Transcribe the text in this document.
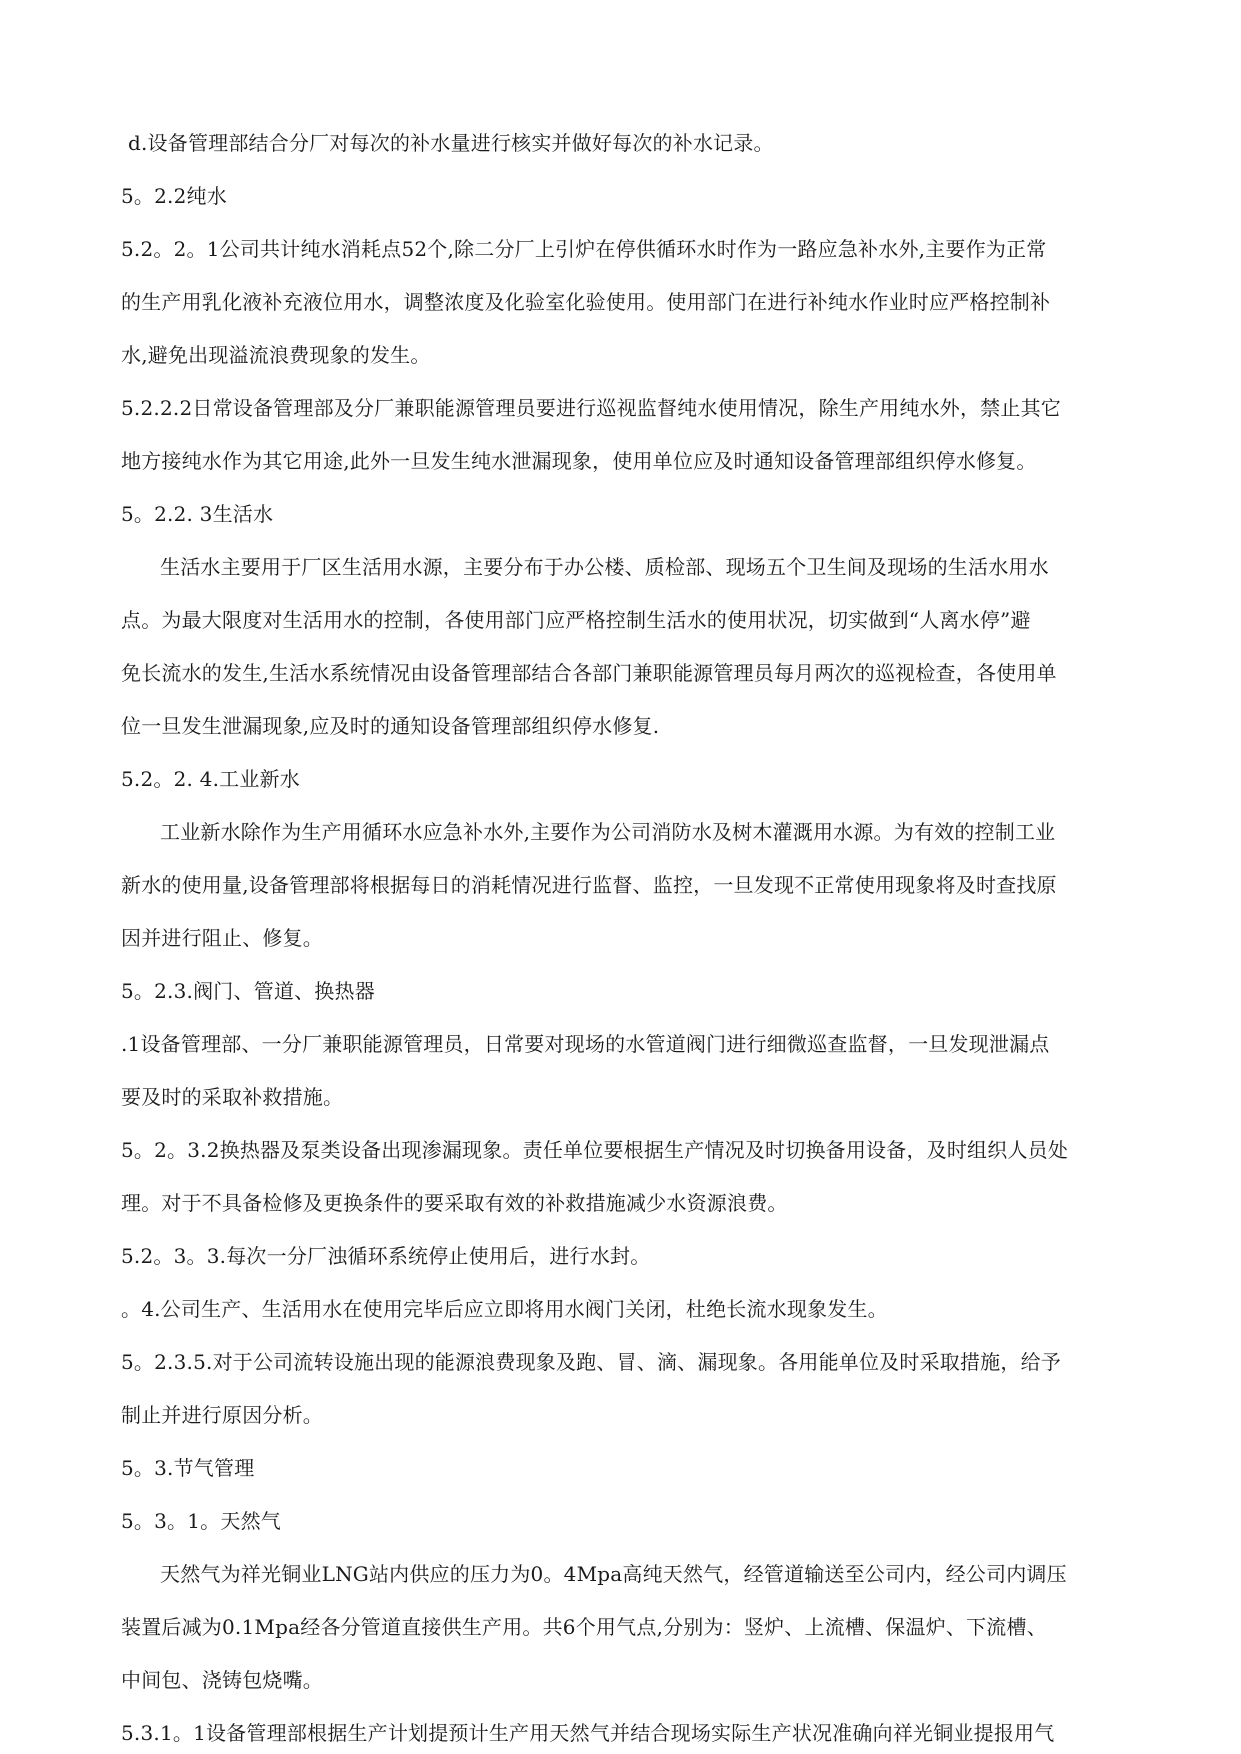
d.设备管理部结合分厂对每次的补水量进行核实并做好每次的补水记录。
5。2.2纯水
5.2。2。1公司共计纯水消耗点52个,除二分厂上引炉在停供循环水时作为一路应急补水外,主要作为正常
的生产用乳化液补充液位用水，调整浓度及化验室化验使用。使用部门在进行补纯水作业时应严格控制补
水,避免出现溢流浪费现象的发生。
5.2.2.2日常设备管理部及分厂兼职能源管理员要进行巡视监督纯水使用情况，除生产用纯水外，禁止其它
地方接纯水作为其它用途,此外一旦发生纯水泄漏现象，使用单位应及时通知设备管理部组织停水修复。
5。2.2. 3生活水
生活水主要用于厂区生活用水源，主要分布于办公楼、质检部、现场五个卫生间及现场的生活水用水
点。为最大限度对生活用水的控制，各使用部门应严格控制生活水的使用状况，切实做到“人离水停”避
免长流水的发生,生活水系统情况由设备管理部结合各部门兼职能源管理员每月两次的巡视检查，各使用单
位一旦发生泄漏现象,应及时的通知设备管理部组织停水修复.
5.2。2. 4.工业新水
工业新水除作为生产用循环水应急补水外,主要作为公司消防水及树木灌溉用水源。为有效的控制工业
新水的使用量,设备管理部将根据每日的消耗情况进行监督、监控，一旦发现不正常使用现象将及时查找原
因并进行阻止、修复。
5。2.3.阀门、管道、换热器
.1设备管理部、一分厂兼职能源管理员，日常要对现场的水管道阀门进行细微巡查监督，一旦发现泄漏点
要及时的采取补救措施。
5。2。3.2换热器及泵类设备出现渗漏现象。责任单位要根据生产情况及时切换备用设备，及时组织人员处
理。对于不具备检修及更换条件的要采取有效的补救措施减少水资源浪费。
5.2。3。3.每次一分厂浊循环系统停止使用后，进行水封。
。4.公司生产、生活用水在使用完毕后应立即将用水阀门关闭，杜绝长流水现象发生。
5。2.3.5.对于公司流转设施出现的能源浪费现象及跑、冒、滴、漏现象。各用能单位及时采取措施，给予
制止并进行原因分析。
5。3.节气管理
5。3。1。天然气
天然气为祥光铜业LNG站内供应的压力为0。4Mpa高纯天然气，经管道输送至公司内，经公司内调压
装置后减为0.1Mpa经各分管道直接供生产用。共6个用气点,分别为：竖炉、上流槽、保温炉、下流槽、
中间包、浇铸包烧嘴。
5.3.1。1设备管理部根据生产计划提预计生产用天然气并结合现场实际生产状况准确向祥光铜业提报用气
